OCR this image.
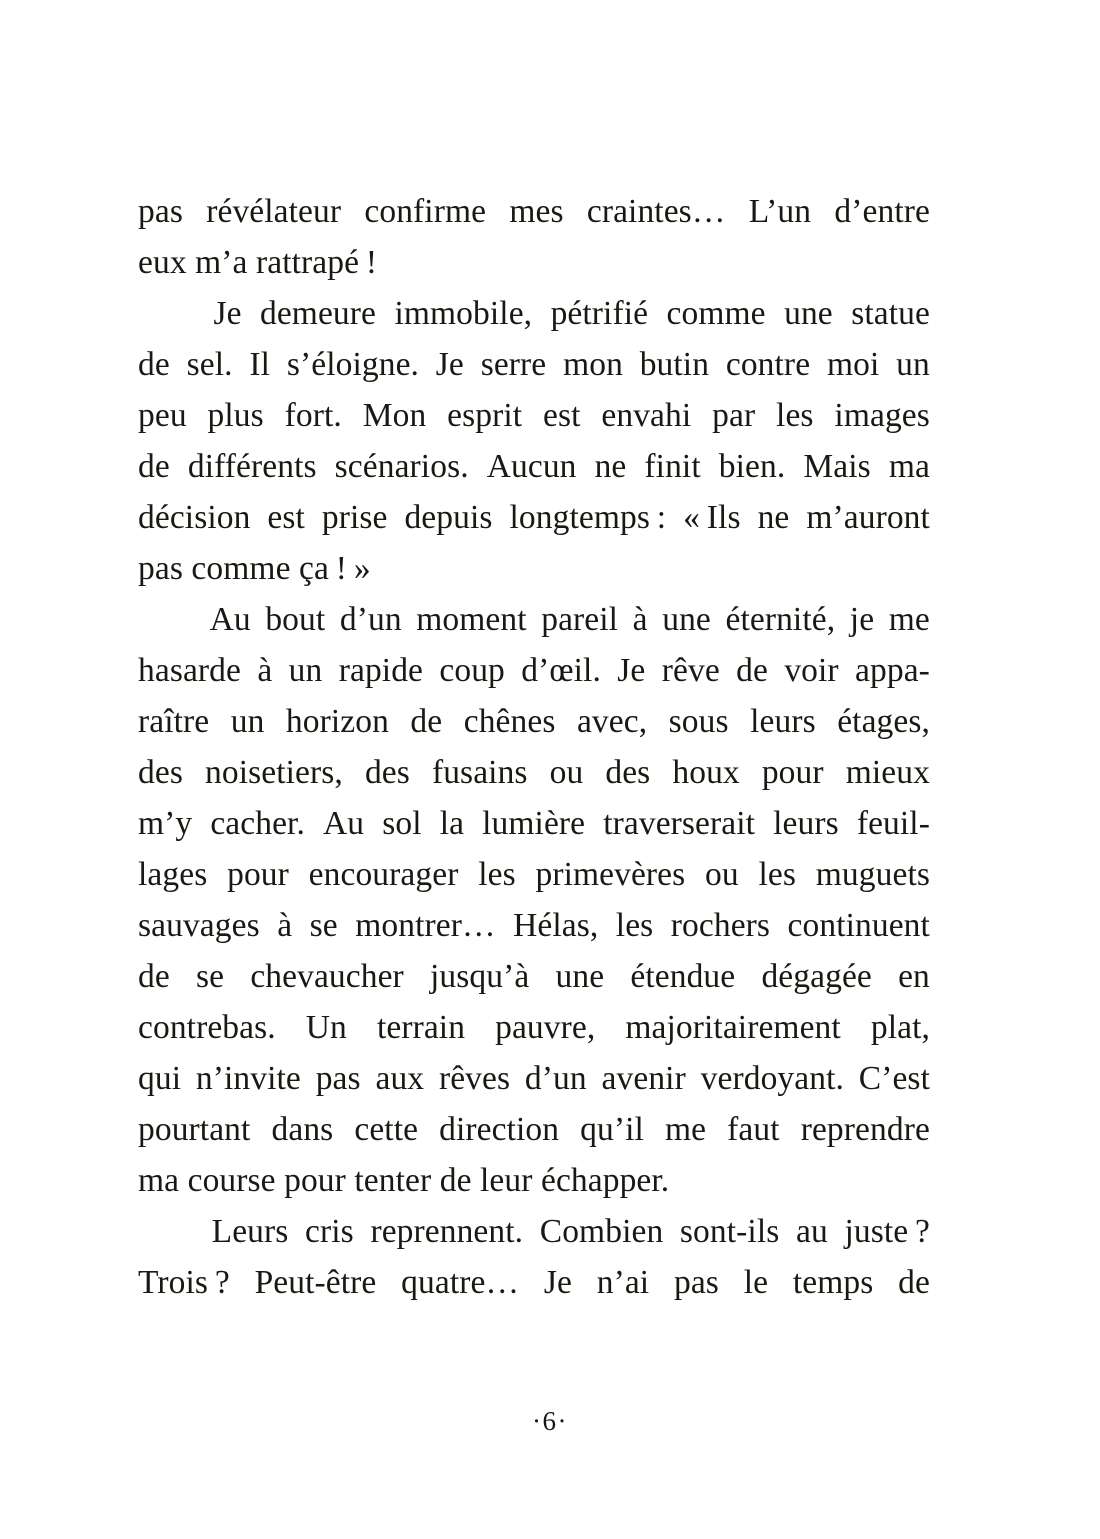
pas révélateur confirme mes craintes… L’un d’entre
eux m’a rattrapé !

Je demeure immobile, pétrifié comme une statue
de sel. Il s’éloigne. Je serre mon butin contre moi un
peu plus fort. Mon esprit est envahi par les images
de différents scénarios. Aucun ne finit bien. Mais ma
décision est prise depuis longtemps : « Ils ne m’auront
pas comme ça ! »

Au bout d’un moment pareil à une éternité, je me
hasarde à un rapide coup d’œil. Je rêve de voir appa-
raître un horizon de chênes avec, sous leurs étages,
des noisetiers, des fusains ou des houx pour mieux
m’y cacher. Au sol la lumière traverserait leurs feuil-
lages pour encourager les primevères ou les muguets
sauvages à se montrer… Hélas, les rochers continuent
de se chevaucher jusqu’à une étendue dégagée en
contrebas. Un terrain pauvre, majoritairement plat,
qui n’invite pas aux rêves d’un avenir verdoyant. C’est
pourtant dans cette direction qu’il me faut reprendre
ma course pour tenter de leur échapper.

Leurs cris reprennent. Combien sont-ils au juste ?
Trois ? Peut-être quatre… Je n’ai pas le temps de

·6·
